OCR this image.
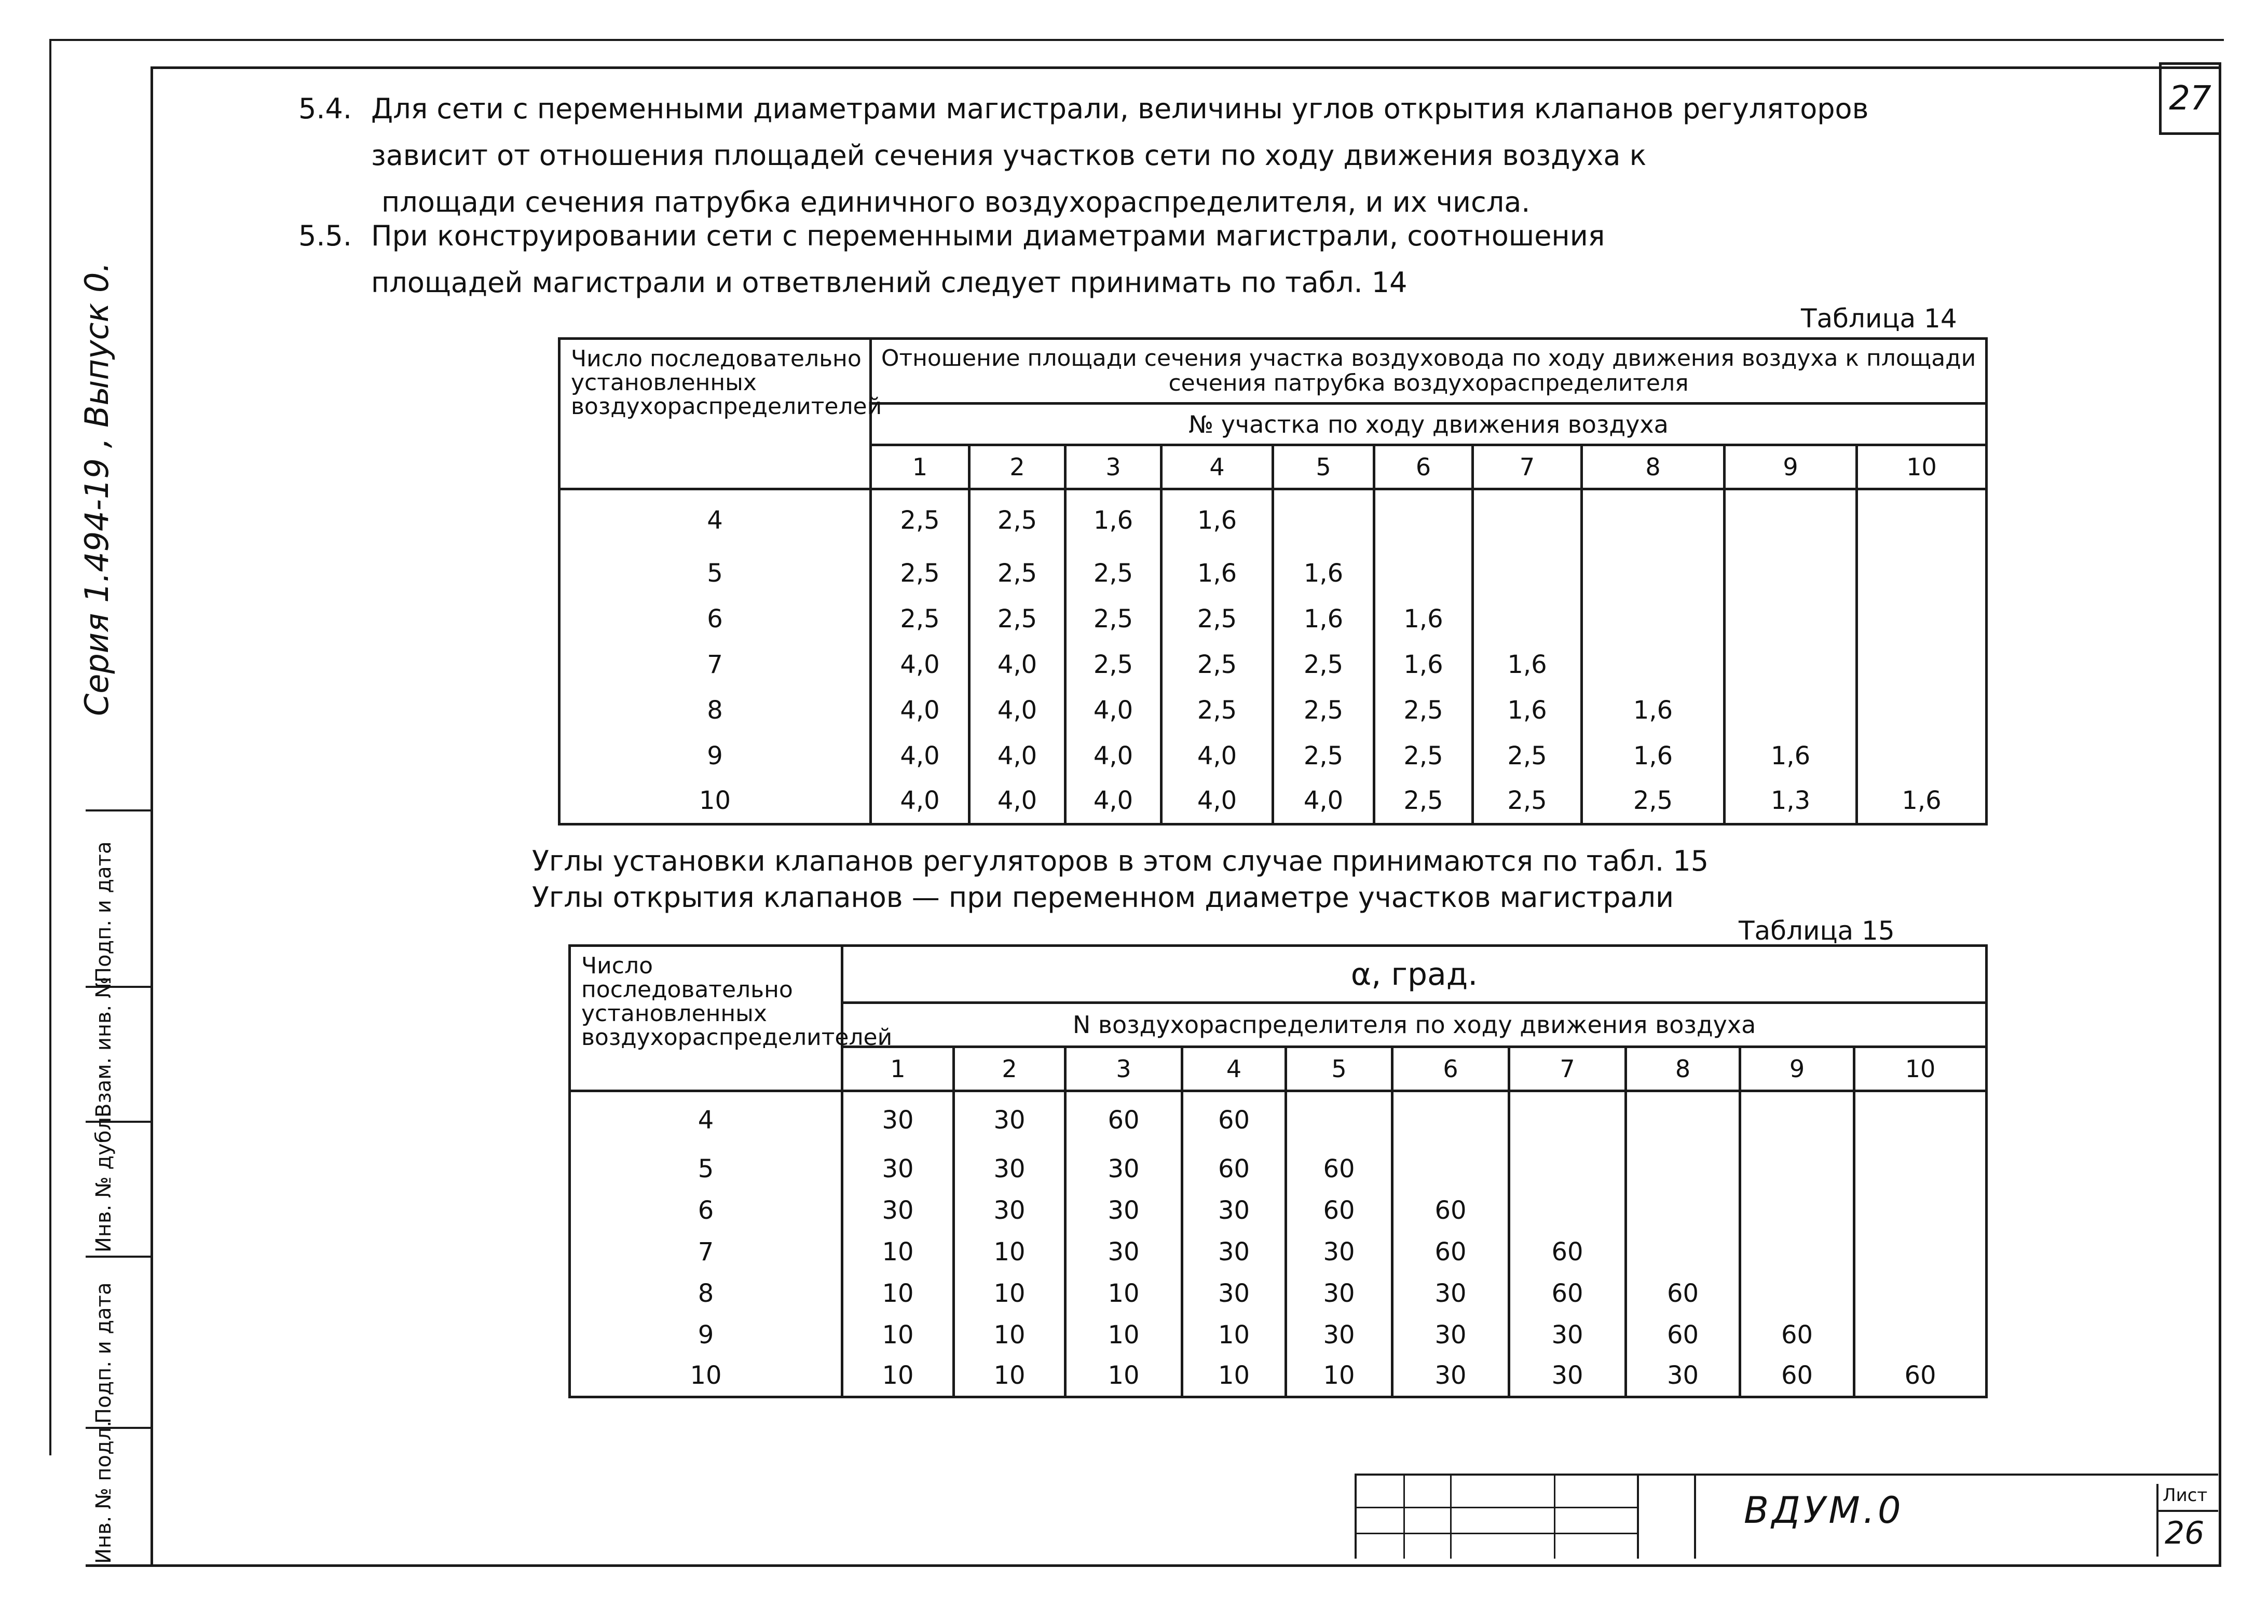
Серия 1.494-19 , Выпуск 0.
Подп. и дата
Взам. инв. №
Инв. № дубл.
Подп. и дата
Инв. № подл.
27
5.4. Для сети с переменными диаметрами магистрали, величины углов открытия клапанов регуляторов
зависит от отношения площадей сечения участков сети по ходу движения воздуха к
площади сечения патрубка единичного воздухораспределителя, и их числа.
5.5. При конструировании сети с переменными диаметрами магистрали, соотношения
площадей магистрали и ответвлений следует принимать по табл. 14
Таблица 14
Число последовательно установленных воздухораспределителей	Отношение площади сечения участка воздуховода по ходу движения воздуха к площади сечения патрубка воздухораспределителя									
	№ участка по ходу движения воздуха									
	1	2	3	4	5	6	7	8	9	10
4	2,5	2,5	1,6	1,6						
5	2,5	2,5	2,5	1,6	1,6					
6	2,5	2,5	2,5	2,5	1,6	1,6				
7	4,0	4,0	2,5	2,5	2,5	1,6	1,6			
8	4,0	4,0	4,0	2,5	2,5	2,5	1,6	1,6		
9	4,0	4,0	4,0	4,0	2,5	2,5	2,5	1,6	1,6	
10	4,0	4,0	4,0	4,0	4,0	2,5	2,5	2,5	1,3	1,6
Углы установки клапанов регуляторов в этом случае принимаются по табл. 15
Углы открытия клапанов — при переменном диаметре участков магистрали
Таблица 15
Число последовательно установленных воздухораспределителей	α, град.									
	N воздухораспределителя по ходу движения воздуха									
	1	2	3	4	5	6	7	8	9	10
4	30	30	60	60						
5	30	30	30	60	60					
6	30	30	30	30	60	60				
7	10	10	30	30	30	60	60			
8	10	10	10	30	30	30	60	60		
9	10	10	10	10	30	30	30	60	60	
10	10	10	10	10	10	30	30	30	60	60
ВДУМ.0	Лист
26
